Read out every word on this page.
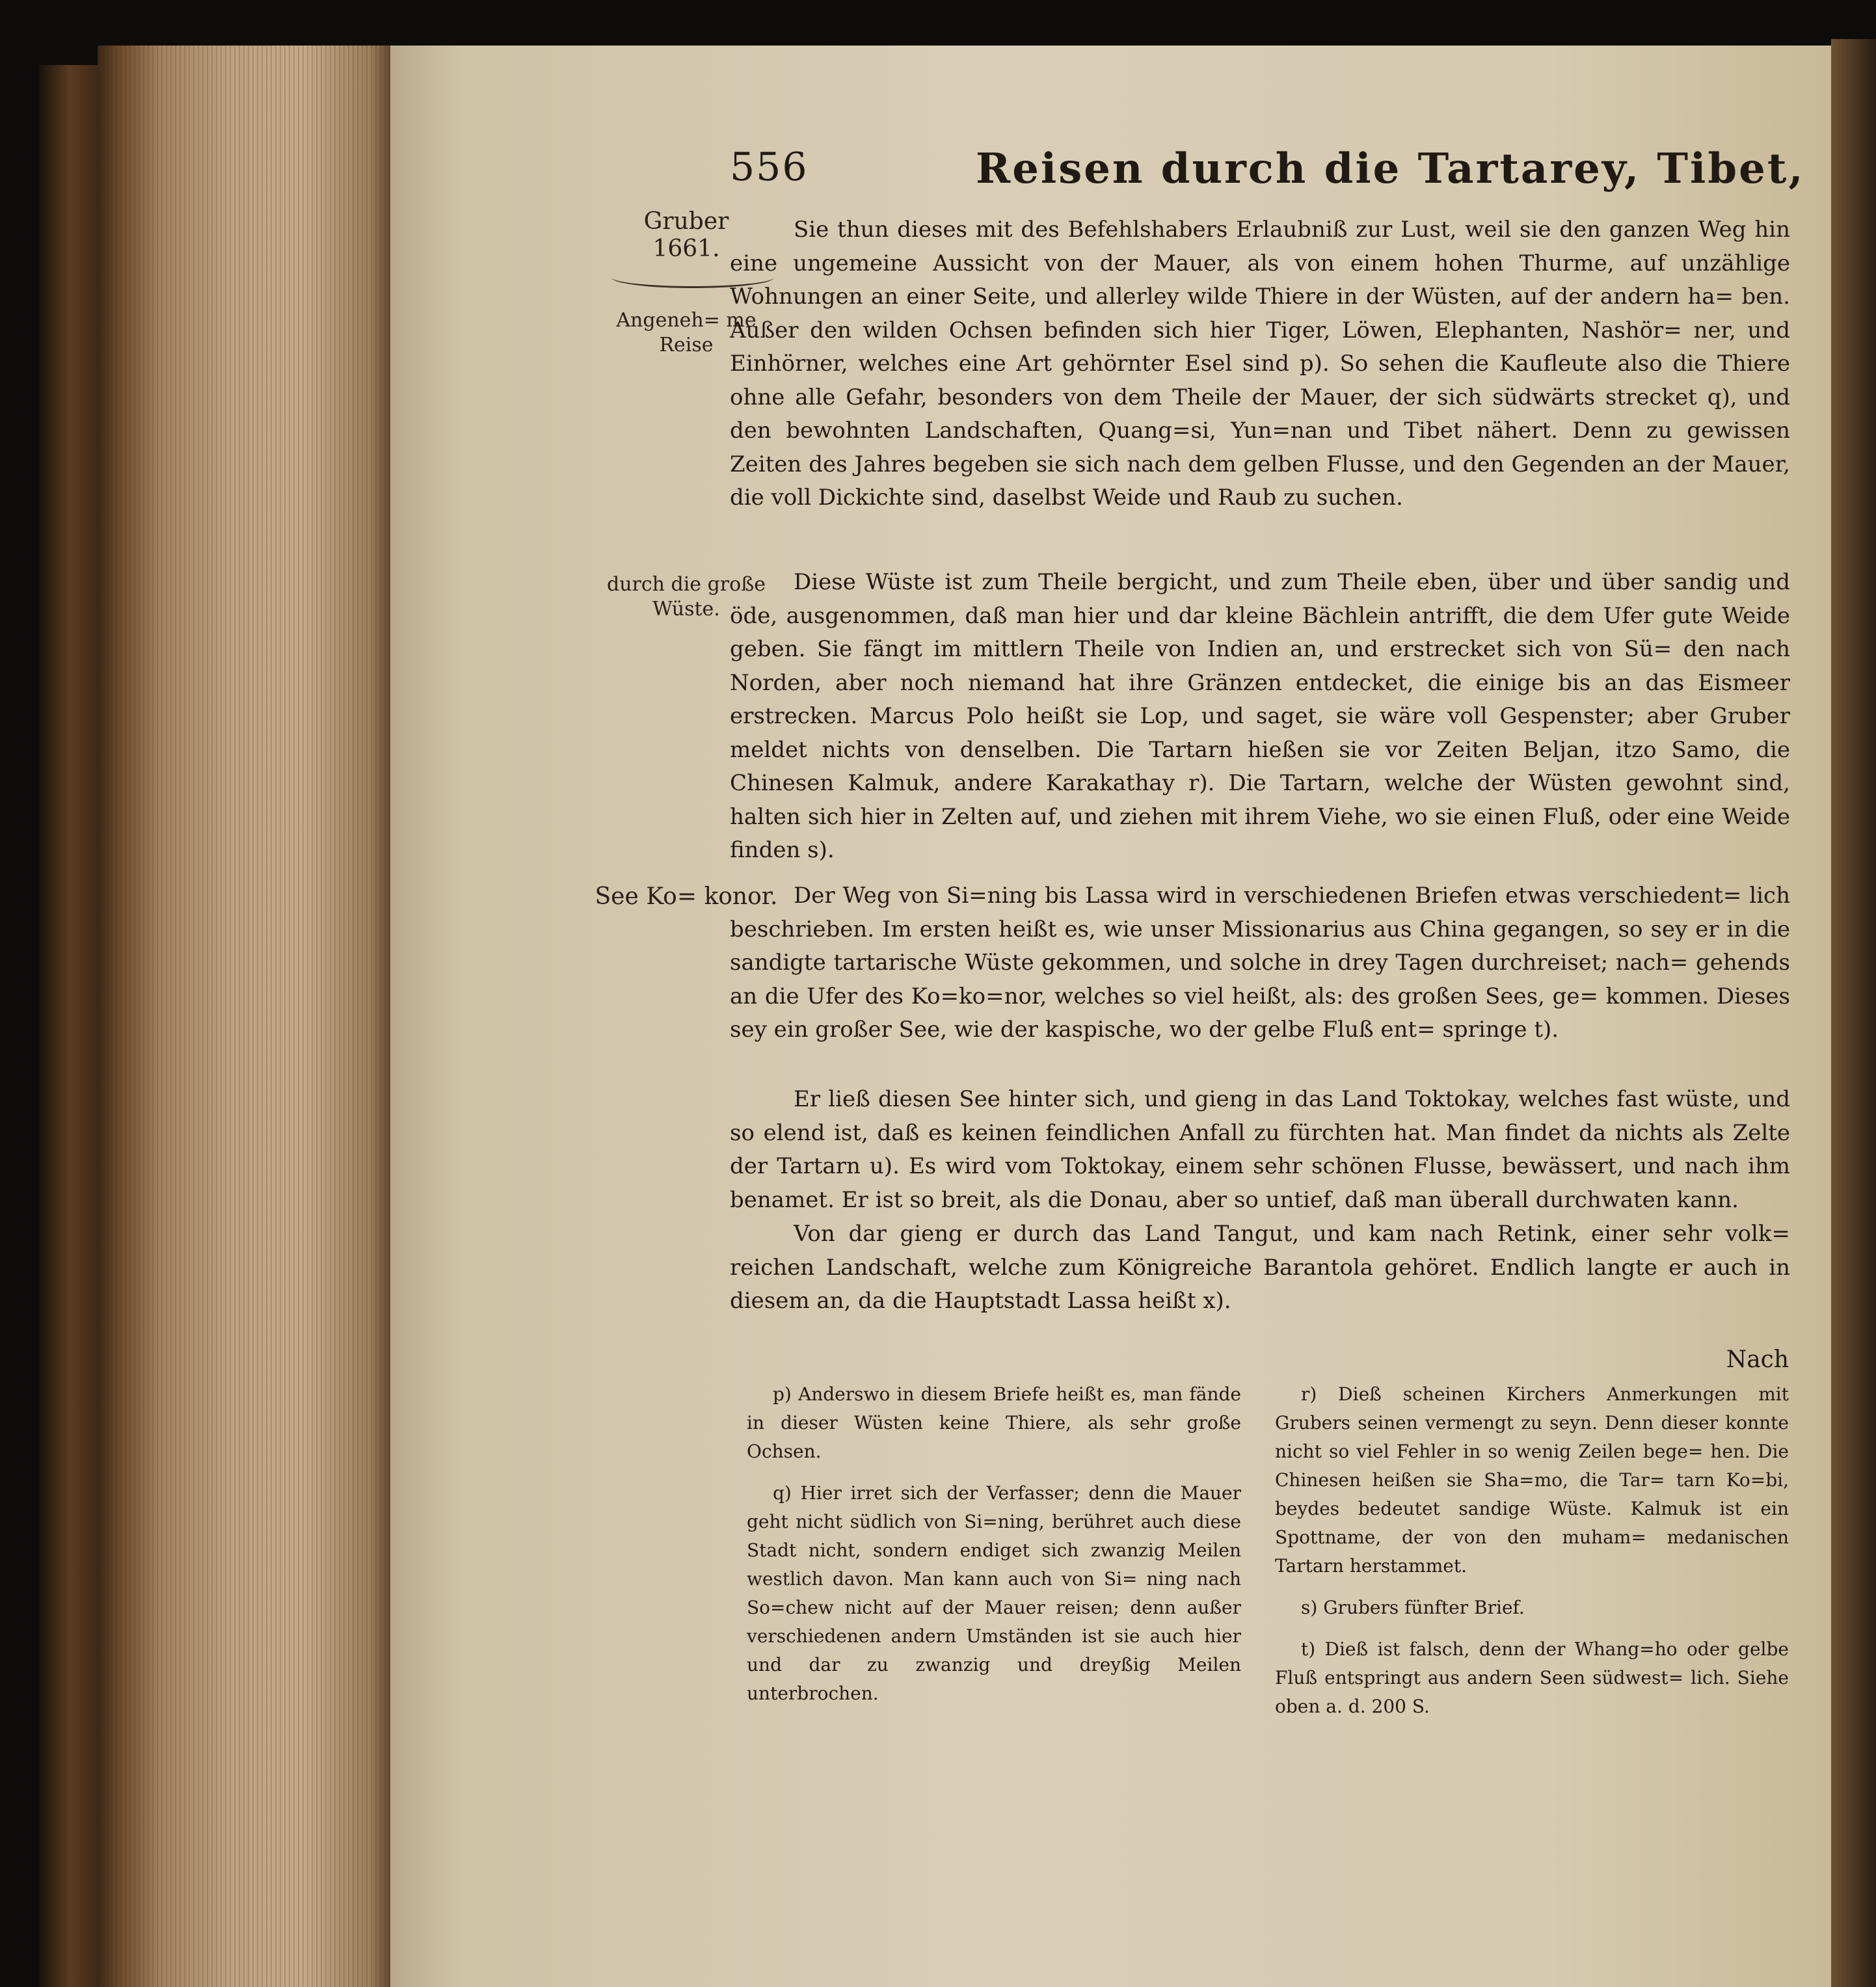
556	Reisen durch die Tartarey, Tibet,
Gruber
1661.
Angeneh= me Reise
durch die große Wüste.
See Ko= konor.

Sie thun dieses mit des Befehlshabers Erlaubniß zur Lust, weil sie den ganzen Weg hin eine ungemeine Aussicht von der Mauer, als von einem hohen Thurme, auf unzählige Wohnungen an einer Seite, und allerley wilde Thiere in der Wüsten, auf der andern ha= ben. Außer den wilden Ochsen befinden sich hier Tiger, Löwen, Elephanten, Nashör= ner, und Einhörner, welches eine Art gehörnter Esel sind p). So sehen die Kaufleute also die Thiere ohne alle Gefahr, besonders von dem Theile der Mauer, der sich südwärts strecket q), und den bewohnten Landschaften, Quang=si, Yun=nan und Tibet nähert. Denn zu gewissen Zeiten des Jahres begeben sie sich nach dem gelben Flusse, und den Gegenden an der Mauer, die voll Dickichte sind, daselbst Weide und Raub zu suchen.

Diese Wüste ist zum Theile bergicht, und zum Theile eben, über und über sandig und öde, ausgenommen, daß man hier und dar kleine Bächlein antrifft, die dem Ufer gute Weide geben. Sie fängt im mittlern Theile von Indien an, und erstrecket sich von Sü= den nach Norden, aber noch niemand hat ihre Gränzen entdecket, die einige bis an das Eismeer erstrecken. Marcus Polo heißt sie Lop, und saget, sie wäre voll Gespenster; aber Gruber meldet nichts von denselben. Die Tartarn hießen sie vor Zeiten Beljan, itzo Samo, die Chinesen Kalmuk, andere Karakathay r). Die Tartarn, welche der Wüsten gewohnt sind, halten sich hier in Zelten auf, und ziehen mit ihrem Viehe, wo sie einen Fluß, oder eine Weide finden s).

Der Weg von Si=ning bis Lassa wird in verschiedenen Briefen etwas verschiedent= lich beschrieben. Im ersten heißt es, wie unser Missionarius aus China gegangen, so sey er in die sandigte tartarische Wüste gekommen, und solche in drey Tagen durchreiset; nach= gehends an die Ufer des Ko=ko=nor, welches so viel heißt, als: des großen Sees, ge= kommen. Dieses sey ein großer See, wie der kaspische, wo der gelbe Fluß ent= springe t).

Er ließ diesen See hinter sich, und gieng in das Land Toktokay, welches fast wüste, und so elend ist, daß es keinen feindlichen Anfall zu fürchten hat. Man findet da nichts als Zelte der Tartarn u). Es wird vom Toktokay, einem sehr schönen Flusse, bewässert, und nach ihm benamet. Er ist so breit, als die Donau, aber so untief, daß man überall durchwaten kann.

Von dar gieng er durch das Land Tangut, und kam nach Retink, einer sehr volk= reichen Landschaft, welche zum Königreiche Barantola gehöret. Endlich langte er auch in diesem an, da die Hauptstadt Lassa heißt x).

Nach

p) Anderswo in diesem Briefe heißt es, man fände in dieser Wüsten keine Thiere, als sehr große Ochsen.

q) Hier irret sich der Verfasser; denn die Mauer geht nicht südlich von Si=ning, berühret auch diese Stadt nicht, sondern endiget sich zwanzig Meilen westlich davon. Man kann auch von Si= ning nach So=chew nicht auf der Mauer reisen; denn außer verschiedenen andern Umständen ist sie auch hier und dar zu zwanzig und dreyßig Meilen unterbrochen.

r) Dieß scheinen Kirchers Anmerkungen mit Grubers seinen vermengt zu seyn. Denn dieser konnte nicht so viel Fehler in so wenig Zeilen bege= hen. Die Chinesen heißen sie Sha=mo, die Tar= tarn Ko=bi, beydes bedeutet sandige Wüste. Kalmuk ist ein Spottname, der von den muham= medanischen Tartarn herstammet.

s) Grubers fünfter Brief.

t) Dieß ist falsch, denn der Whang=ho oder gelbe Fluß entspringt aus andern Seen südwest= lich. Siehe oben a. d. 200 S.
